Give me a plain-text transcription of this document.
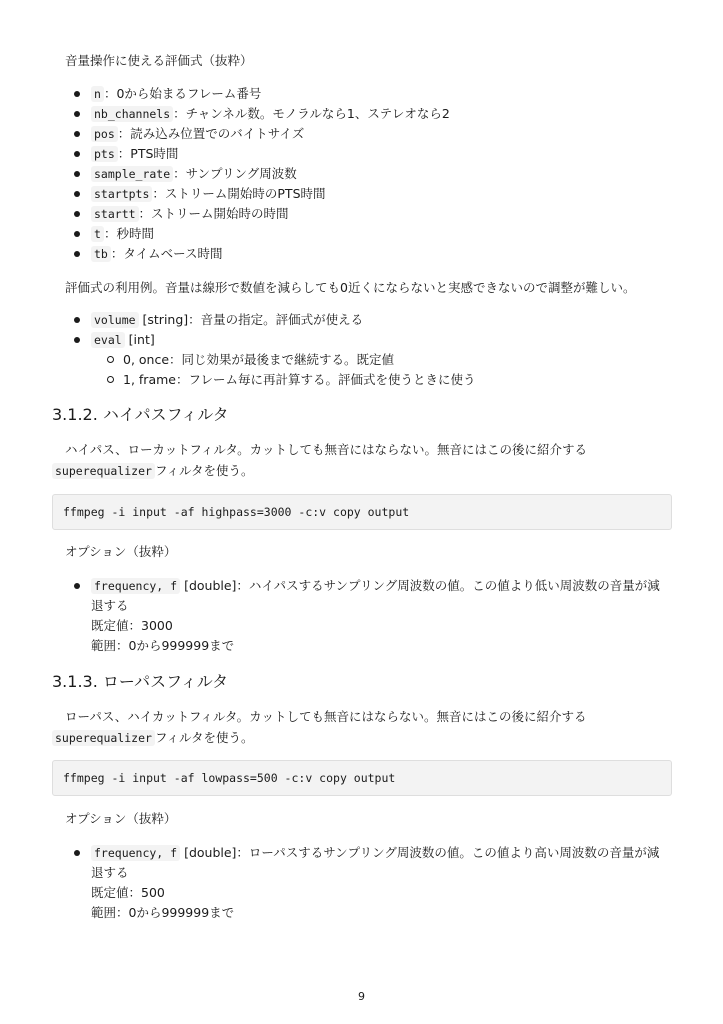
音量操作に使える評価式（抜粋）
n ：0から始まるフレーム番号
nb_channels ：チャンネル数。モノラルなら1、ステレオなら2
pos ：読み込み位置でのバイトサイズ
pts ：PTS時間
sample_rate ：サンプリング周波数
startpts ：ストリーム開始時のPTS時間
startt ：ストリーム開始時の時間
t ：秒時間
tb ：タイムベース時間
評価式の利用例。音量は線形で数値を減らしても0近くにならないと実感できないので調整が難しい。
volume [string]：音量の指定。評価式が使える
eval [int]
0, once：同じ効果が最後まで継続する。既定値
1, frame：フレーム毎に再計算する。評価式を使うときに使う
3.1.2. ハイパスフィルタ
ハイパス、ローカットフィルタ。カットしても無音にはならない。無音にはこの後に紹介する
superequalizer フィルタを使う。
ffmpeg -i input -af highpass=3000 -c:v copy output
オプション（抜粋）
frequency, f [double]：ハイパスするサンプリング周波数の値。この値より低い周波数の音量が減
退する
既定値：3000
範囲：0から999999まで
3.1.3. ローパスフィルタ
ローパス、ハイカットフィルタ。カットしても無音にはならない。無音にはこの後に紹介する
superequalizer フィルタを使う。
ffmpeg -i input -af lowpass=500 -c:v copy output
オプション（抜粋）
frequency, f [double]：ローパスするサンプリング周波数の値。この値より高い周波数の音量が減
退する
既定値：500
範囲：0から999999まで
9
